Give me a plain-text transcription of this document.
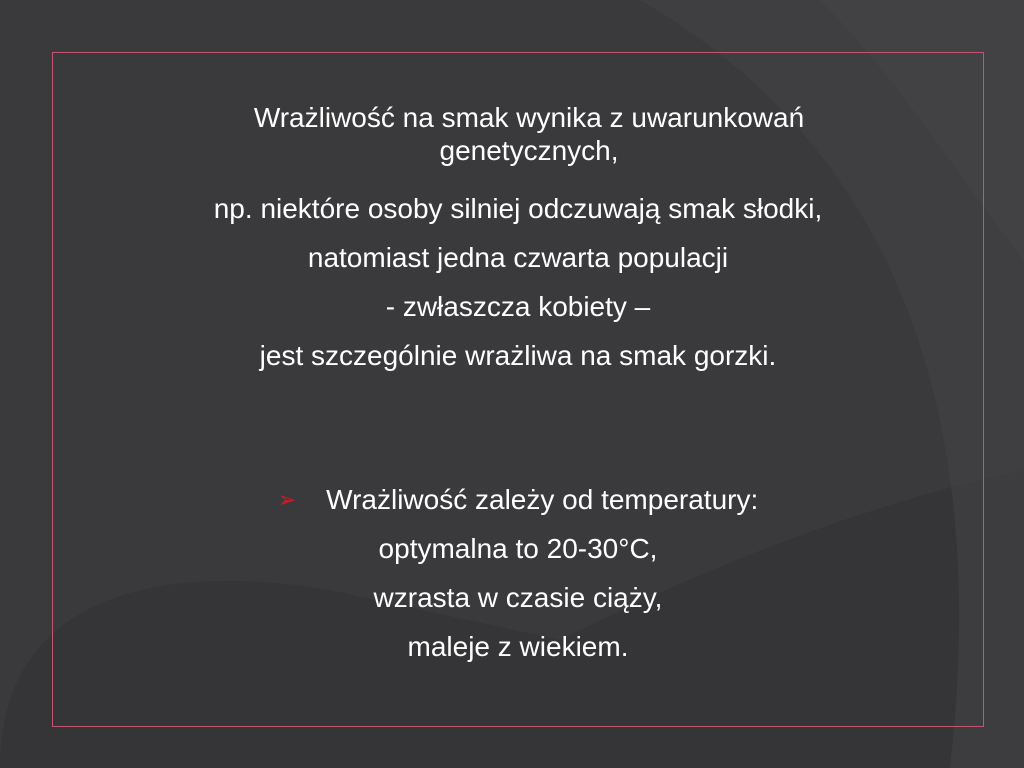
Wrażliwość na smak wynika z uwarunkowań genetycznych,
np. niektóre osoby silniej odczuwają smak słodki,
natomiast jedna czwarta populacji
- zwłaszcza kobiety –
jest szczególnie wrażliwa na smak gorzki.
➢ Wrażliwość zależy od temperatury:
optymalna to 20-30°C,
wzrasta w czasie ciąży,
maleje z wiekiem.
